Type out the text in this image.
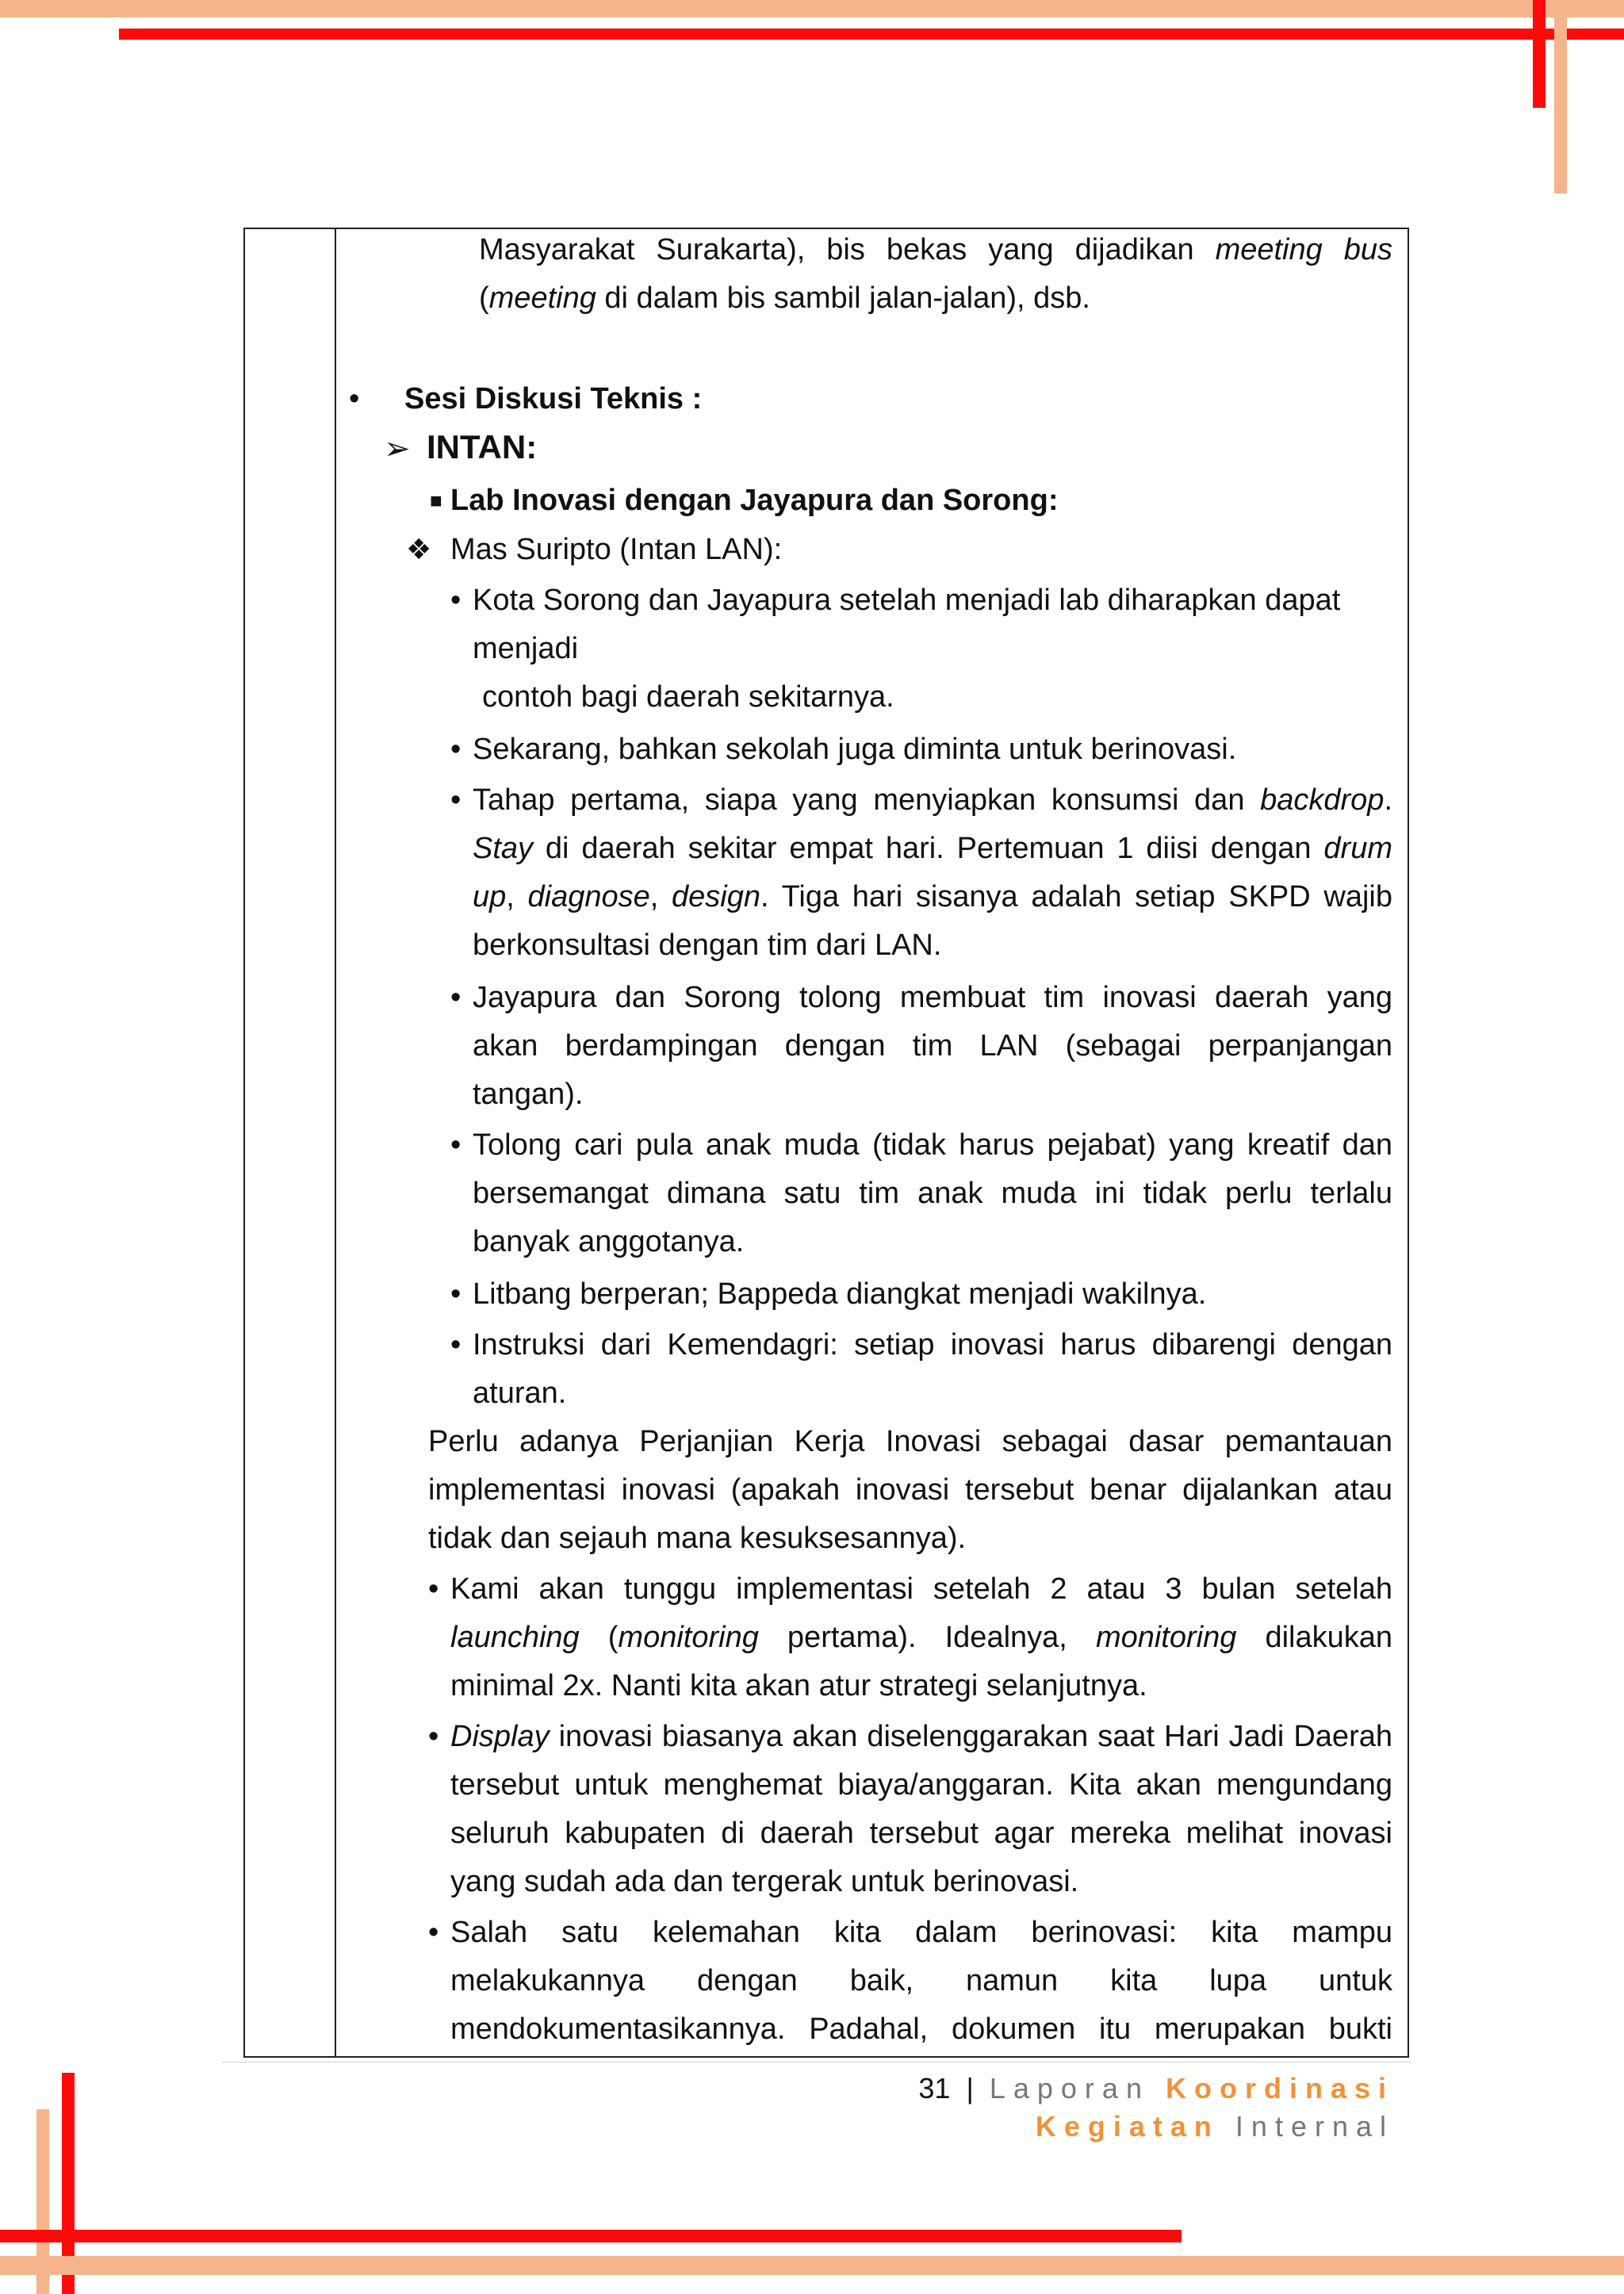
Masyarakat Surakarta), bis bekas yang dijadikan meeting bus
(meeting di dalam bis sambil jalan-jalan), dsb.
• Sesi Diskusi Teknis :
➢ INTAN:
■ Lab Inovasi dengan Jayapura dan Sorong:
❖ Mas Suripto (Intan LAN):
• Kota Sorong dan Jayapura setelah menjadi lab diharapkan dapat
menjadi
contoh bagi daerah sekitarnya.
• Sekarang, bahkan sekolah juga diminta untuk berinovasi.
• Tahap pertama, siapa yang menyiapkan konsumsi dan backdrop.
Stay di daerah sekitar empat hari. Pertemuan 1 diisi dengan drum
up, diagnose, design. Tiga hari sisanya adalah setiap SKPD wajib
berkonsultasi dengan tim dari LAN.
• Jayapura dan Sorong tolong membuat tim inovasi daerah yang
akan berdampingan dengan tim LAN (sebagai perpanjangan
tangan).
• Tolong cari pula anak muda (tidak harus pejabat) yang kreatif dan
bersemangat dimana satu tim anak muda ini tidak perlu terlalu
banyak anggotanya.
• Litbang berperan; Bappeda diangkat menjadi wakilnya.
• Instruksi dari Kemendagri: setiap inovasi harus dibarengi dengan
aturan.
Perlu adanya Perjanjian Kerja Inovasi sebagai dasar pemantauan
implementasi inovasi (apakah inovasi tersebut benar dijalankan atau
tidak dan sejauh mana kesuksesannya).
• Kami akan tunggu implementasi setelah 2 atau 3 bulan setelah
launching (monitoring pertama). Idealnya, monitoring dilakukan
minimal 2x. Nanti kita akan atur strategi selanjutnya.
• Display inovasi biasanya akan diselenggarakan saat Hari Jadi Daerah
tersebut untuk menghemat biaya/anggaran. Kita akan mengundang
seluruh kabupaten di daerah tersebut agar mereka melihat inovasi
yang sudah ada dan tergerak untuk berinovasi.
• Salah satu kelemahan kita dalam berinovasi: kita mampu
melakukannya dengan baik, namun kita lupa untuk
mendokumentasikannya. Padahal, dokumen itu merupakan bukti
31 | Laporan Koordinasi
Kegiatan Internal
